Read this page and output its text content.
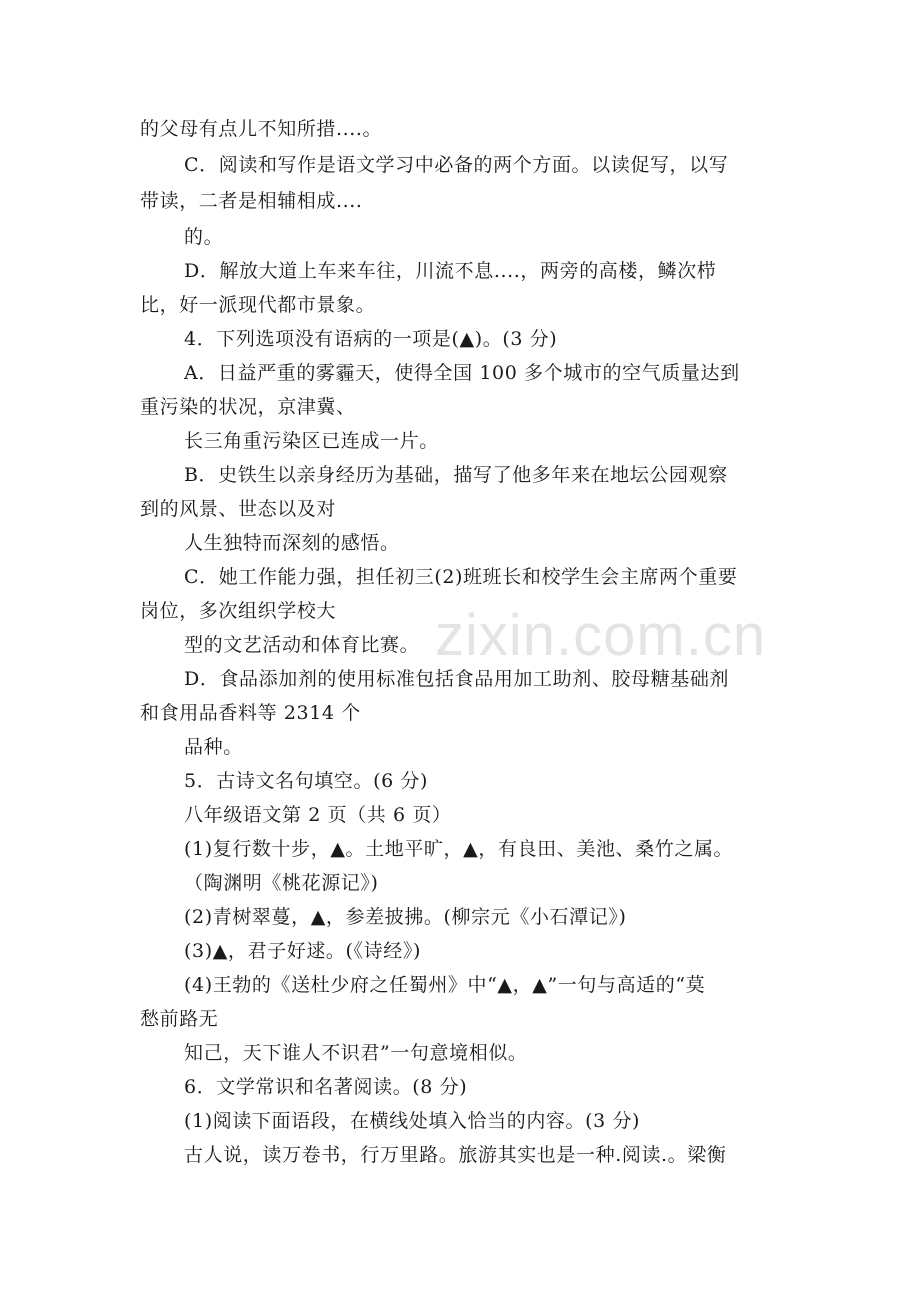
zixin.com.cn
的父母有点儿不知所措....。
C．阅读和写作是语文学习中必备的两个方面。以读促写，以写
带读，二者是相辅相成....
的。
D．解放大道上车来车往，川流不息....，两旁的高楼，鳞次栉
比，好一派现代都市景象。
4．下列选项没有语病的一项是(▲)。(3 分)
A．日益严重的雾霾天，使得全国 100 多个城市的空气质量达到
重污染的状况，京津冀、
长三角重污染区已连成一片。
B．史铁生以亲身经历为基础，描写了他多年来在地坛公园观察
到的风景、世态以及对
人生独特而深刻的感悟。
C．她工作能力强，担任初三(2)班班长和校学生会主席两个重要
岗位，多次组织学校大
型的文艺活动和体育比赛。
D．食品添加剂的使用标准包括食品用加工助剂、胶母糖基础剂
和食用品香料等 2314 个
品种。
5．古诗文名句填空。(6 分)
八年级语文第 2 页（共 6 页）
(1)复行数十步，▲。土地平旷，▲，有良田、美池、桑竹之属。
（陶渊明《桃花源记》)
(2)青树翠蔓，▲，参差披拂。(柳宗元《小石潭记》)
(3)▲，君子好逑。(《诗经》)
(4)王勃的《送杜少府之任蜀州》中“▲，▲”一句与高适的“莫
愁前路无
知己，天下谁人不识君”一句意境相似。
6．文学常识和名著阅读。(8 分)
(1)阅读下面语段，在横线处填入恰当的内容。(3 分)
古人说，读万卷书，行万里路。旅游其实也是一种.阅读.。梁衡
